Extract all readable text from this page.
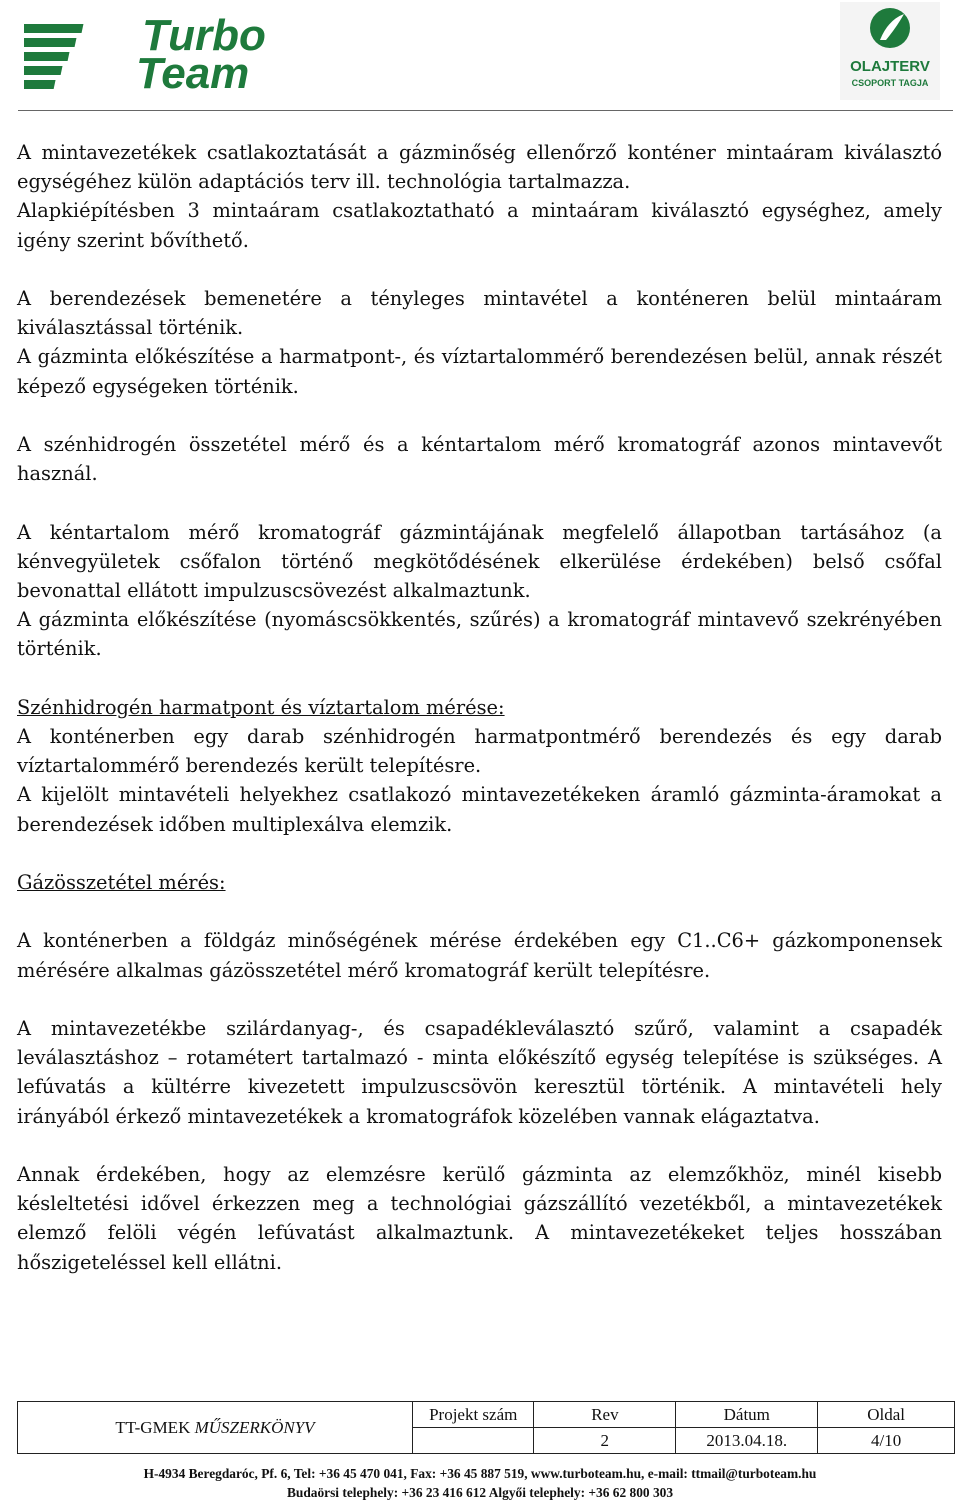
Turbo
Team	OLAJTERV
CSOPORT TAGJA

A mintavezetékek csatlakoztatását a gázminőség ellenőrző konténer mintaáram kiválasztó egységéhez külön adaptációs terv ill. technológia tartalmazza.

Alapkiépítésben 3 mintaáram csatlakoztatható a mintaáram kiválasztó egységhez, amely igény szerint bővíthető.

A berendezések bemenetére a tényleges mintavétel a konténeren belül mintaáram kiválasztással történik.

A gázminta előkészítése a harmatpont-, és víztartalommérő berendezésen belül, annak részét képező egységeken történik.

A szénhidrogén összetétel mérő és a kéntartalom mérő kromatográf azonos mintavevőt használ.

A kéntartalom mérő kromatográf gázmintájának megfelelő állapotban tartásához (a kénvegyületek csőfalon történő megkötődésének elkerülése érdekében) belső csőfal bevonattal ellátott impulzuscsövezést alkalmaztunk.

A gázminta előkészítése (nyomáscsökkentés, szűrés) a kromatográf mintavevő szekrényében történik.

Szénhidrogén harmatpont és víztartalom mérése:

A konténerben egy darab szénhidrogén harmatpontmérő berendezés és egy darab víztartalommérő berendezés került telepítésre.

A kijelölt mintavételi helyekhez csatlakozó mintavezetékeken áramló gázminta-áramokat a berendezések időben multiplexálva elemzik.

Gázösszetétel mérés:

A konténerben a földgáz minőségének mérése érdekében egy C1..C6+ gázkomponensek mérésére alkalmas gázösszetétel mérő kromatográf került telepítésre.

A mintavezetékbe szilárdanyag-, és csapadékleválasztó szűrő, valamint a csapadék leválasztáshoz – rotamétert tartalmazó - minta előkészítő egység telepítése is szükséges. A lefúvatás a kültérre kivezetett impulzuscsövön keresztül történik. A mintavételi hely irányából érkező mintavezetékek a kromatográfok közelében vannak elágaztatva.

Annak érdekében, hogy az elemzésre kerülő gázminta az elemzőkhöz, minél kisebb késleltetési idővel érkezzen meg a technológiai gázszállító vezetékből, a mintavezetékek elemző felöli végén lefúvatást alkalmaztunk. A mintavezetékeket teljes hosszában hőszigeteléssel kell ellátni.

TT-GMEK MŰSZERKÖNYV	Projekt szám	Rev	Dátum	Oldal
		2	2013.04.18.	4/10
H-4934 Beregdaróc, Pf. 6, Tel: +36 45 470 041, Fax: +36 45 887 519, www.turboteam.hu, e-mail: ttmail@turboteam.hu
Budaörsi telephely: +36 23 416 612 Algyői telephely: +36 62 800 303
